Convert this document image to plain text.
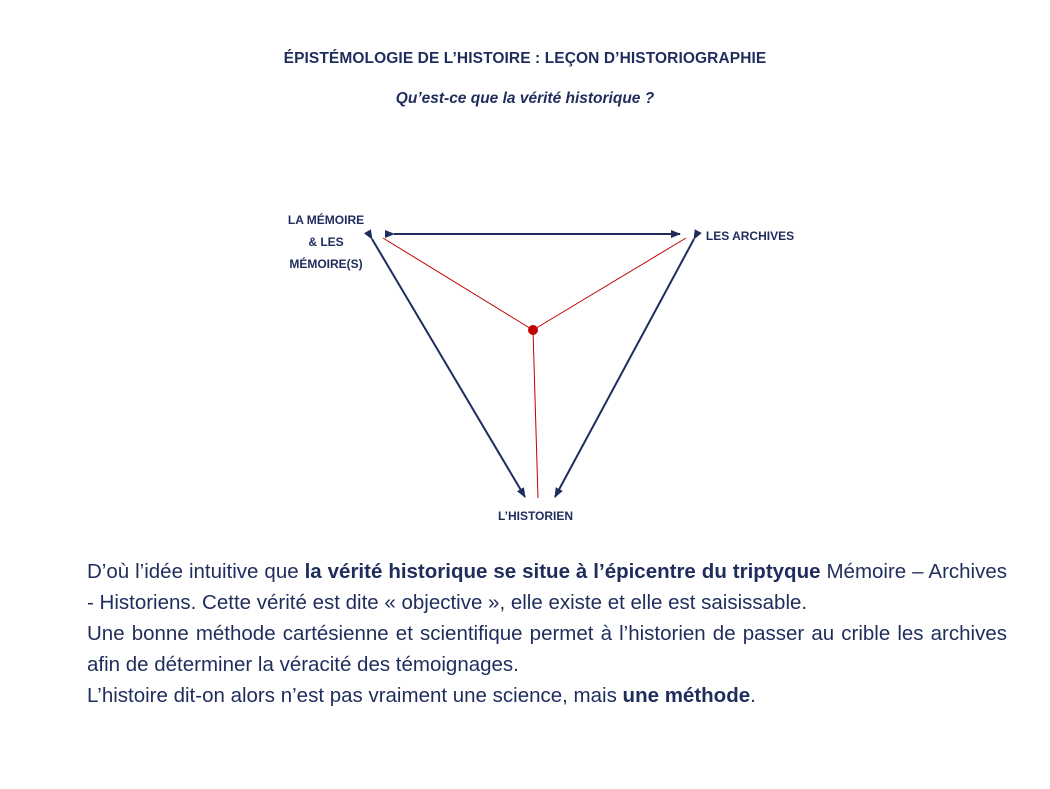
ÉPISTÉMOLOGIE DE L’HISTOIRE : LEÇON D’HISTORIOGRAPHIE
Qu’est-ce que la vérité historique ?
LA MÉMOIRE
& LES
MÉMOIRE(S)
LES ARCHIVES
L’HISTORIEN

D’où l’idée intuitive que la vérité historique se situe à l’épicentre du triptyque Mémoire – Archives - Historiens. Cette vérité est dite « objective », elle existe et elle est saisissable.

Une bonne méthode cartésienne et scientifique permet à l’historien de passer au crible les archives afin de déterminer la véracité des témoignages.

L’histoire dit-on alors n’est pas vraiment une science, mais une méthode.
